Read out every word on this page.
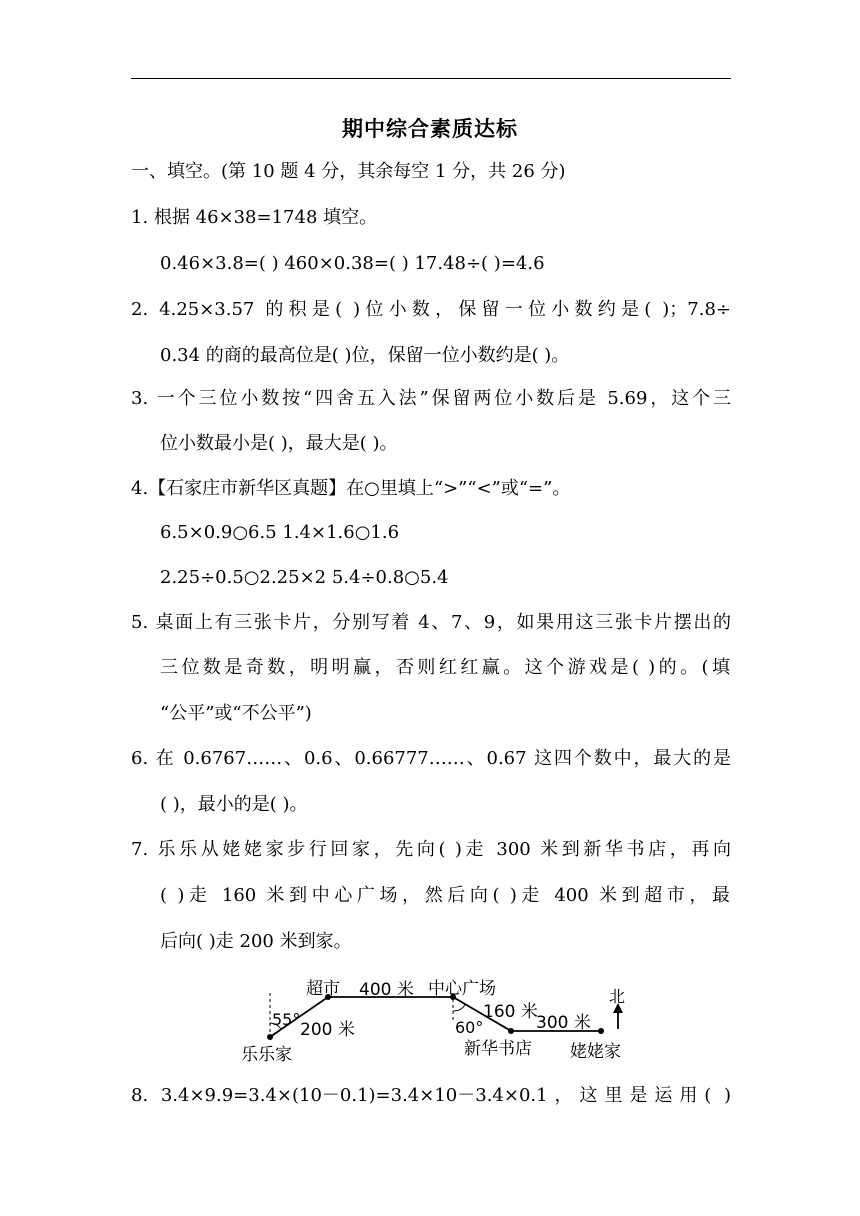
期中综合素质达标
一、填空。(第 10 题 4 分，其余每空 1 分，共 26 分)
1. 根据 46×38=1748 填空。
0.46×3.8=( ) 460×0.38=( ) 17.48÷( )=4.6
2. 4.25×3.57 的积是( )位小数，保留一位小数约是( )；7.8÷
0.34 的商的最高位是( )位，保留一位小数约是( )。
3. 一个三位小数按“四舍五入法”保留两位小数后是 5.69，这个三
位小数最小是( )，最大是( )。
4.【石家庄市新华区真题】在○里填上“>”“<”或“=”。
6.5×0.9○6.5 1.4×1.6○1.6
2.25÷0.5○2.25×2 5.4÷0.8○5.4
5. 桌面上有三张卡片，分别写着 4、7、9，如果用这三张卡片摆出的
三位数是奇数，明明赢，否则红红赢。这个游戏是( )的。(填
“公平”或“不公平”)
6. 在 0.6767……、0.6、0.66777……、0.67 这四个数中，最大的是
( )，最小的是( )。
7. 乐乐从姥姥家步行回家，先向( )走 300 米到新华书店，再向
( )走 160 米到中心广场，然后向( )走 400 米到超市，最
后向( )走 200 米到家。
超市 400 米 中心广场
160 米
北
55°
200 米	60°	300 米
乐乐家	新华书店 姥姥家
8. 3.4×9.9=3.4×(10－0.1)=3.4×10－3.4×0.1，这里是运用( )
